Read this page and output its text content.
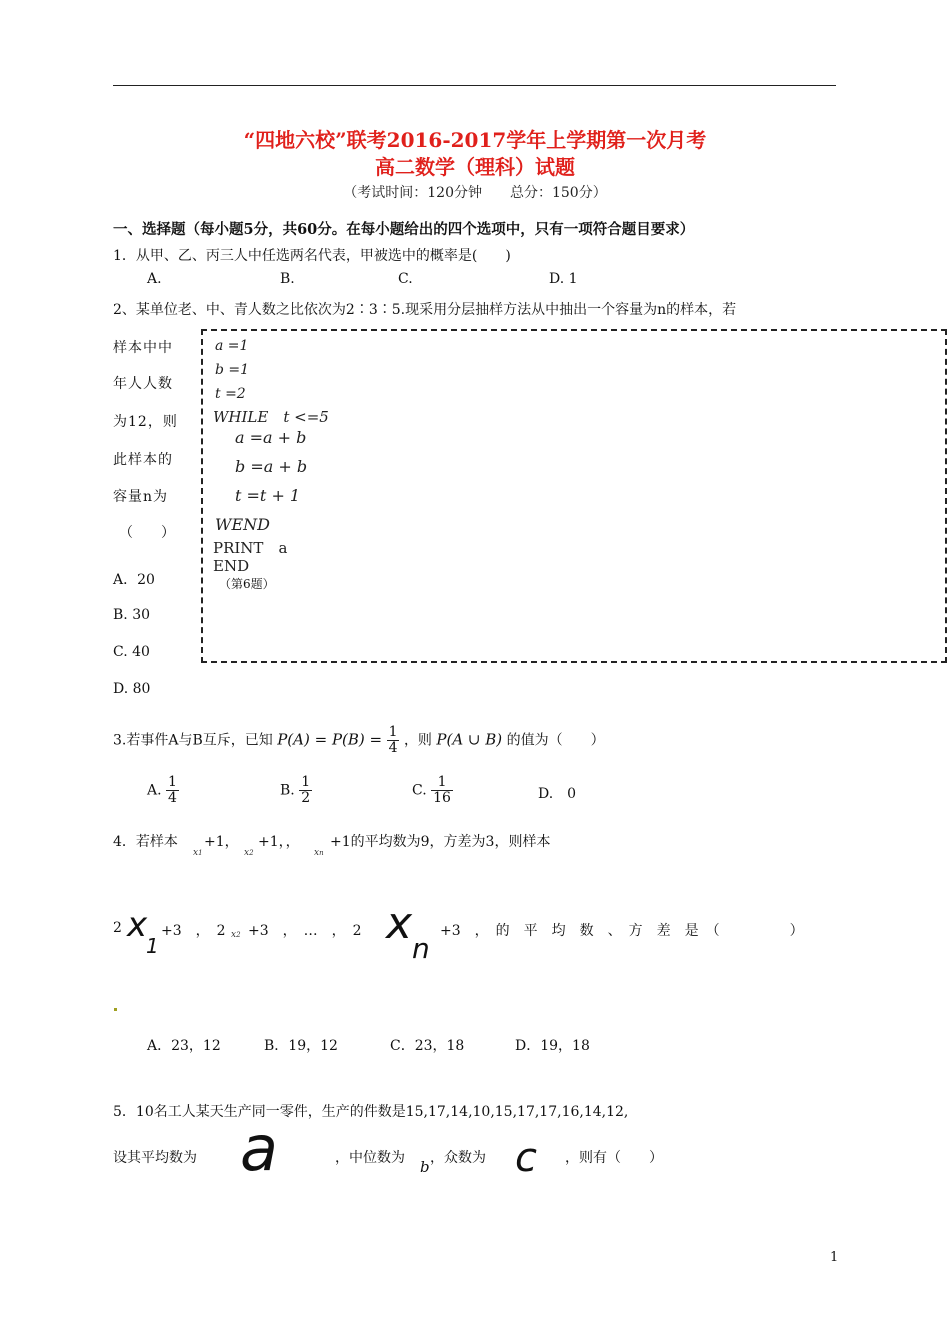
“四地六校”联考2016-2017学年上学期第一次月考
高二数学（理科）试题
（考试时间：120分钟　　总分：150分）
一、选择题（每小题5分，共60分。在每小题给出的四个选项中，只有一项符合题目要求）
1．从甲、乙、丙三人中任选两名代表，甲被选中的概率是(　　)
A.	B.	C.	D. 1
2、某单位老、中、青人数之比依次为2∶3∶5.现采用分层抽样方法从中抽出一个容量为n的样本，若
样本中中
年人人数
为12，则
此样本的
容量n为
（　　）
A．20
B. 30
C. 40
D. 80
a =1
b =1
t =2
WHILE　t <=5
a =a + b
b =a + b
t =t + 1
WEND
PRINT　a
END
（第6题）
3.若事件A与B互斥，已知 $P(A) = P(B) = \frac{1}{4}$ ，则 P(A ∪ B) 的值为（　　）
A. $\frac{1}{4}$	B. $\frac{1}{2}$	C. $\frac{1}{16}$	D.　0
4．若样本
x1
+1，
x2
+1，，
xn
+1的平均数为9，方差为3，则样本
2 x
1
+3　，　2 x2 +3　，　…　，　2 x n
+3　，　的　平　均　数　、　方　差　是　（　　　　　）
A．23，12	B．19，12	C．23，18	D．19，18
5．10名工人某天生产同一零件，生产的件数是15,17,14,10,15,17,17,16,14,12,
设其平均数为 a	，中位数为 b ，众数为 c ，则有（　　）
1
